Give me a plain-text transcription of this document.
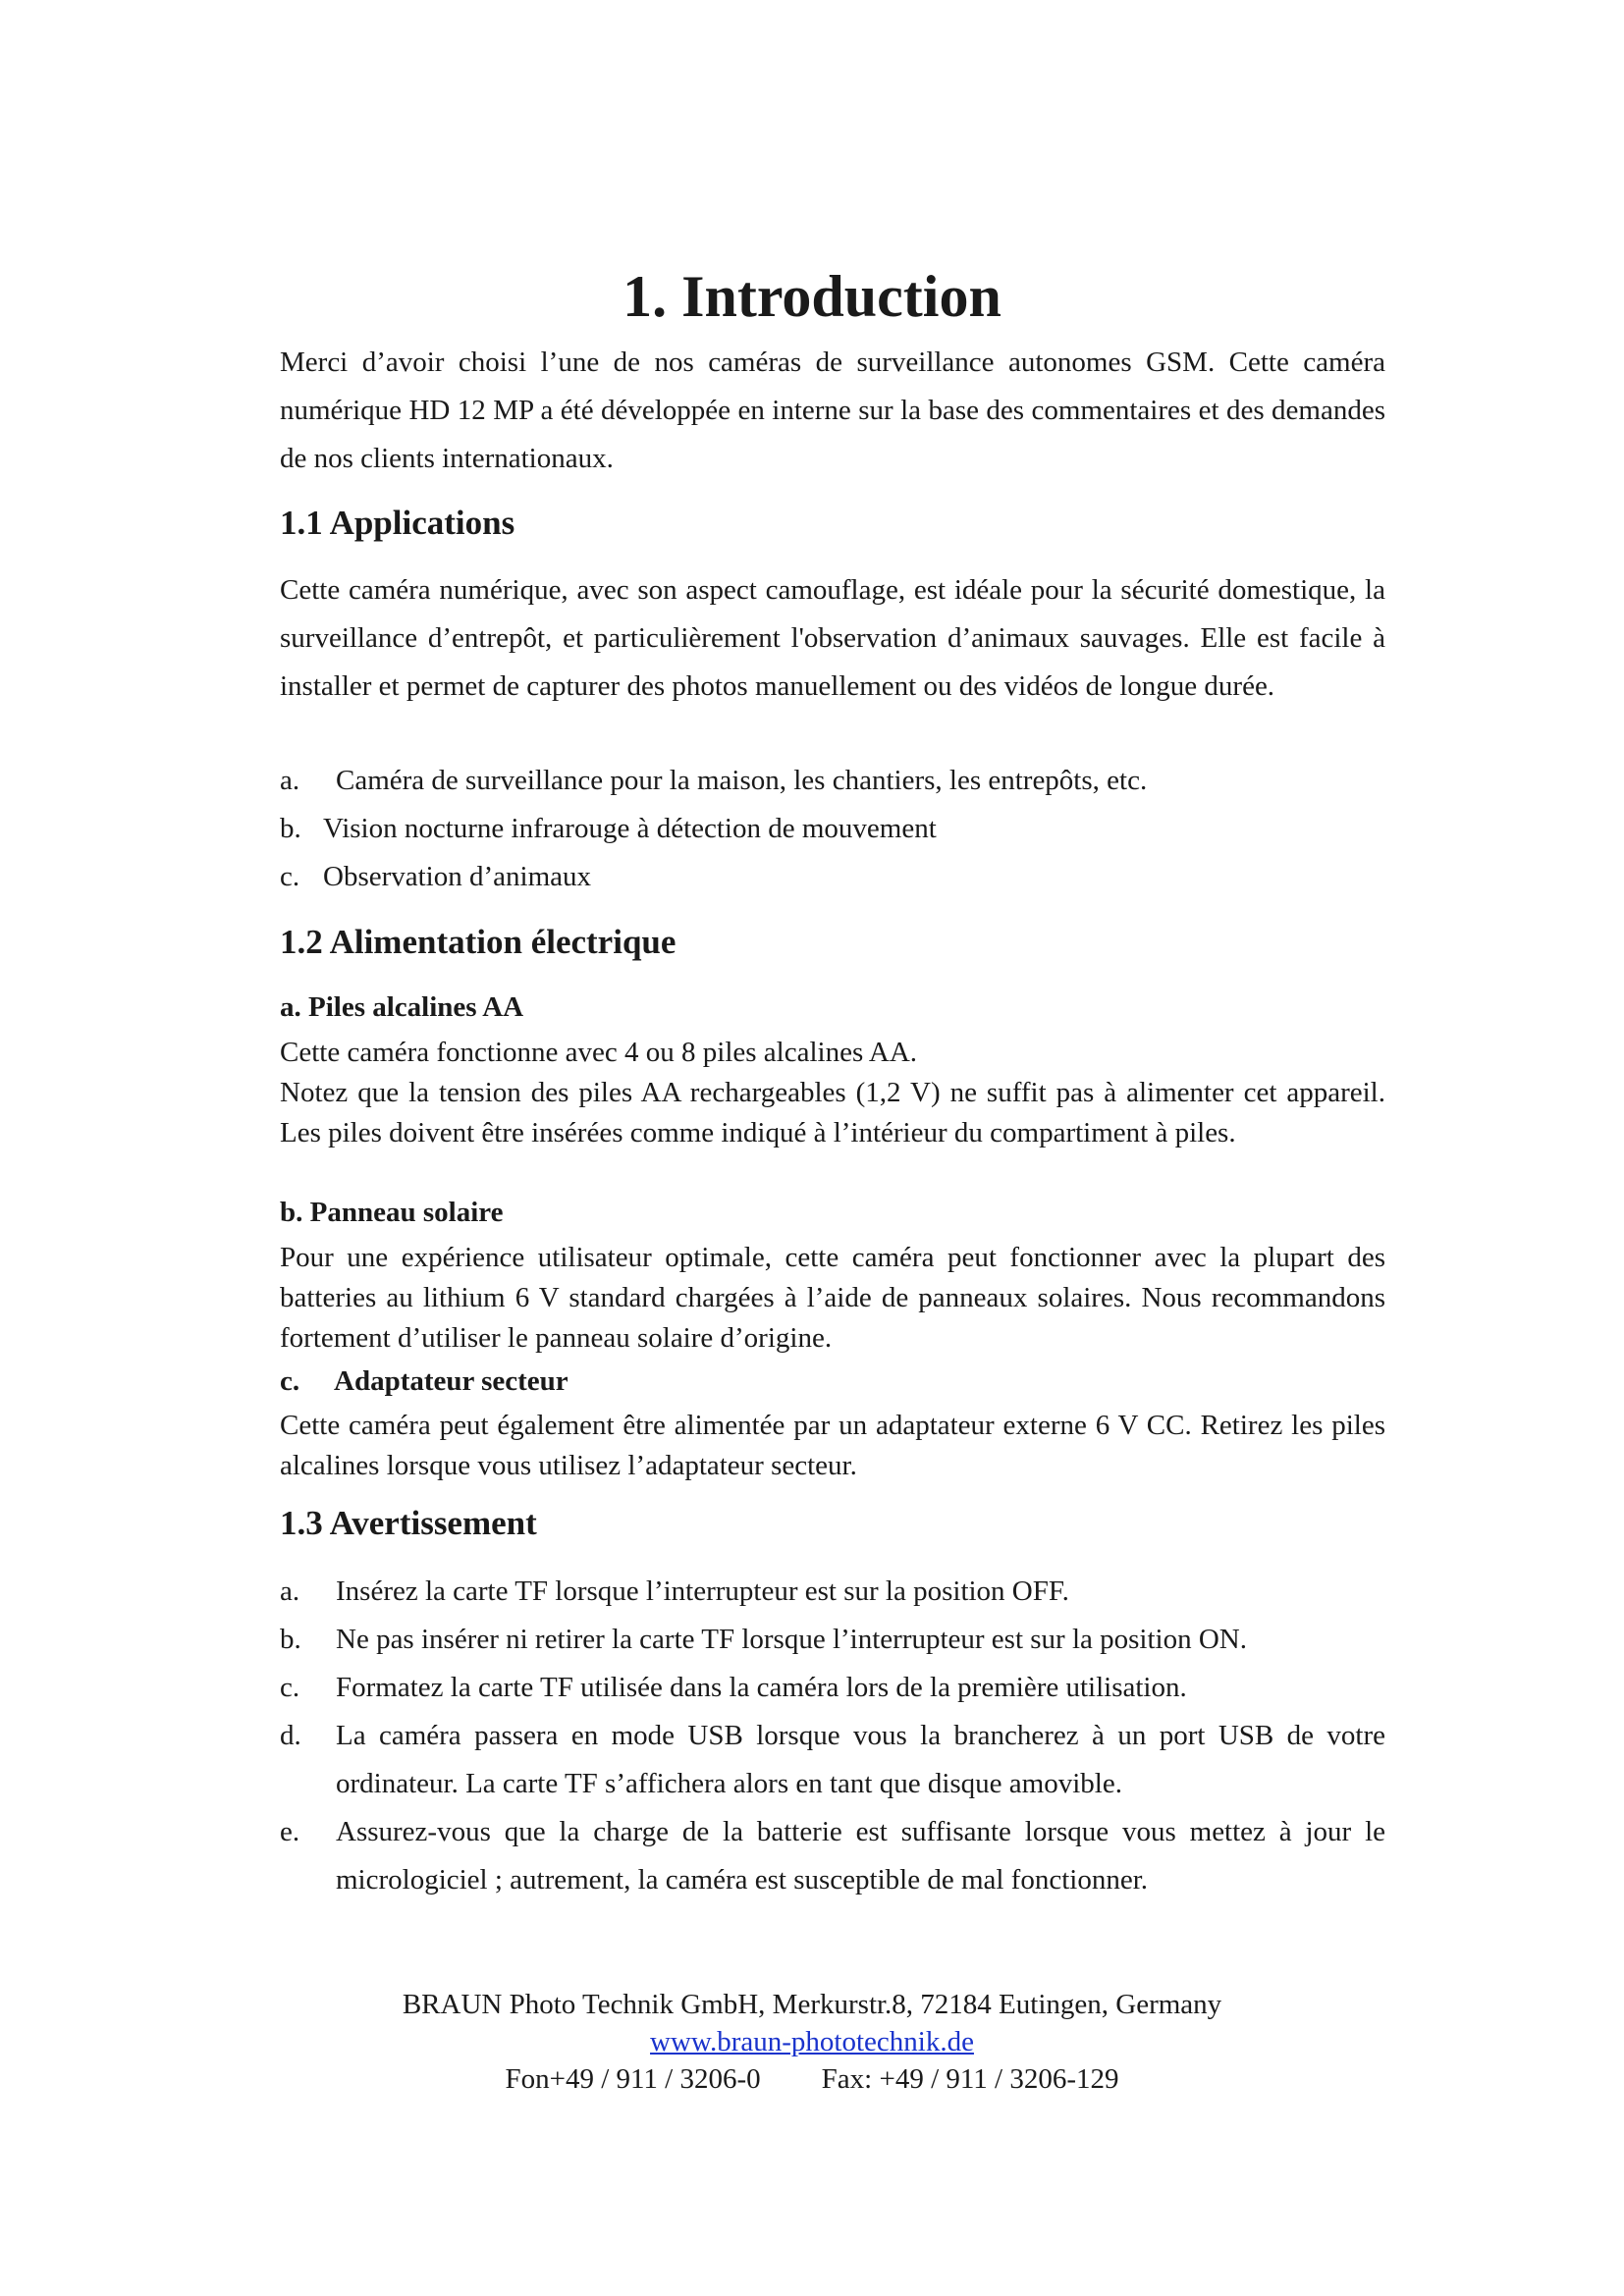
1. Introduction

Merci d’avoir choisi l’une de nos caméras de surveillance autonomes GSM. Cette caméra numérique HD 12 MP a été développée en interne sur la base des commentaires et des demandes de nos clients internationaux.

1.1 Applications

Cette caméra numérique, avec son aspect camouflage, est idéale pour la sécurité domestique, la surveillance d’entrepôt, et particulièrement l'observation d’animaux sauvages. Elle est facile à installer et permet de capturer des photos manuellement ou des vidéos de longue durée.

a.	Caméra de surveillance pour la maison, les chantiers, les entrepôts, etc.
b. Vision nocturne infrarouge à détection de mouvement
c. Observation d’animaux
1.2 Alimentation électrique
a. Piles alcalines AA

Cette caméra fonctionne avec 4 ou 8 piles alcalines AA.

Notez que la tension des piles AA rechargeables (1,2 V) ne suffit pas à alimenter cet appareil. Les piles doivent être insérées comme indiqué à l’intérieur du compartiment à piles.

b. Panneau solaire

Pour une expérience utilisateur optimale, cette caméra peut fonctionner avec la plupart des batteries au lithium 6 V standard chargées à l’aide de panneaux solaires. Nous recommandons fortement d’utiliser le panneau solaire d’origine.

c.	Adaptateur secteur

Cette caméra peut également être alimentée par un adaptateur externe 6 V CC. Retirez les piles alcalines lorsque vous utilisez l’adaptateur secteur.

1.3 Avertissement
a.	Insérez la carte TF lorsque l’interrupteur est sur la position OFF.
b.	Ne pas insérer ni retirer la carte TF lorsque l’interrupteur est sur la position ON.
c.	Formatez la carte TF utilisée dans la caméra lors de la première utilisation.
d.	La caméra passera en mode USB lorsque vous la brancherez à un port USB de votre ordinateur. La carte TF s’affichera alors en tant que disque amovible.
e.	Assurez-vous que la charge de la batterie est suffisante lorsque vous mettez à jour le micrologiciel ; autrement, la caméra est susceptible de mal fonctionner.
BRAUN Photo Technik GmbH, Merkurstr.8, 72184 Eutingen, Germany
www.braun-phototechnik.de
Fon+49 / 911 / 3206-0 Fax: +49 / 911 / 3206-129
